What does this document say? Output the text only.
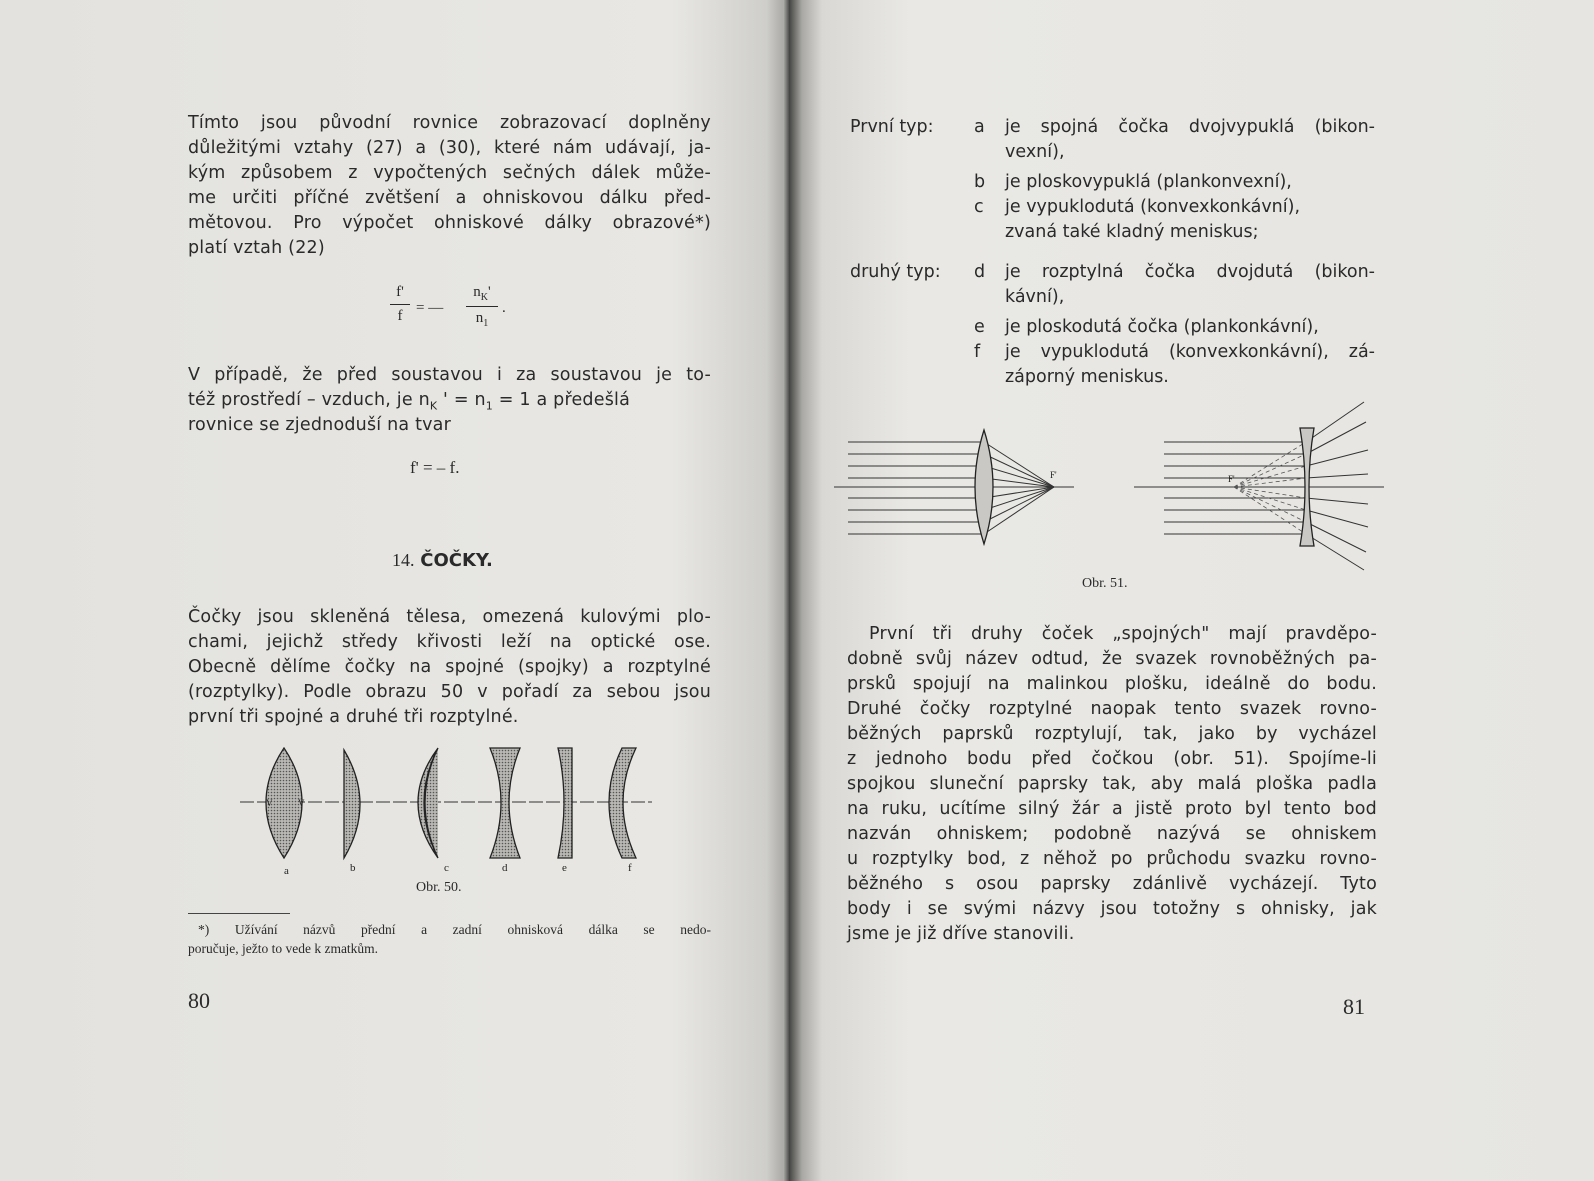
Tímto jsou původní rovnice zobrazovací doplněny
důležitými vztahy (27) a (30), které nám udávají, ja-
kým způsobem z vypočtených sečných dálek může-
me určiti příčné zvětšení a ohniskovou dálku před-
mětovou. Pro výpočet ohniskové dálky obrazové*)
platí vztah (22)
f'
f = —
$n_K'$
$n_1$
.
V případě, že před soustavou i za soustavou je to-
též prostředí – vzduch, je $n_K$ ' = $n_1 = 1$ a předešlá
rovnice se zjednoduší na tvar
f' = – f.
14. ČOČKY.
Čočky jsou skleněná tělesa, omezená kulovými plo-
chami, jejichž středy křivosti leží na optické ose.
Obecně dělíme čočky na spojné (spojky) a rozptylné
(rozptylky). Podle obrazu 50 v pořadí za sebou jsou
první tři spojné a druhé tři rozptylné.
V	V
a	b	c	d	e	f
Obr. 50.
*) Užívání názvů přední a zadní ohnisková dálka se nedo-
poručuje, ježto to vede k zmatkům.
80
První typ: a je spojná čočka dvojvypuklá (bikon-
vexní),
b je ploskovypuklá (plankonvexní),
c je vypuklodutá (konvexkonkávní),
zvaná také kladný meniskus;
druhý typ: d je rozptylná čočka dvojdutá (bikon-
kávní),
e je ploskodutá čočka (plankonkávní),
f je vypuklodutá (konvexkonkávní), zá-
záporný meniskus.
F'	F'
Obr. 51.
První tři druhy čoček „spojných" mají pravděpo-
dobně svůj název odtud, že svazek rovnoběžných pa-
prsků spojují na malinkou plošku, ideálně do bodu.
Druhé čočky rozptylné naopak tento svazek rovno-
běžných paprsků rozptylují, tak, jako by vycházel
z jednoho bodu před čočkou (obr. 51). Spojíme-li
spojkou sluneční paprsky tak, aby malá ploška padla
na ruku, ucítíme silný žár a jistě proto byl tento bod
nazván ohniskem; podobně nazývá se ohniskem
u rozptylky bod, z něhož po průchodu svazku rovno-
běžného s osou paprsky zdánlivě vycházejí. Tyto
body i se svými názvy jsou totožny s ohnisky, jak
jsme je již dříve stanovili.
81
